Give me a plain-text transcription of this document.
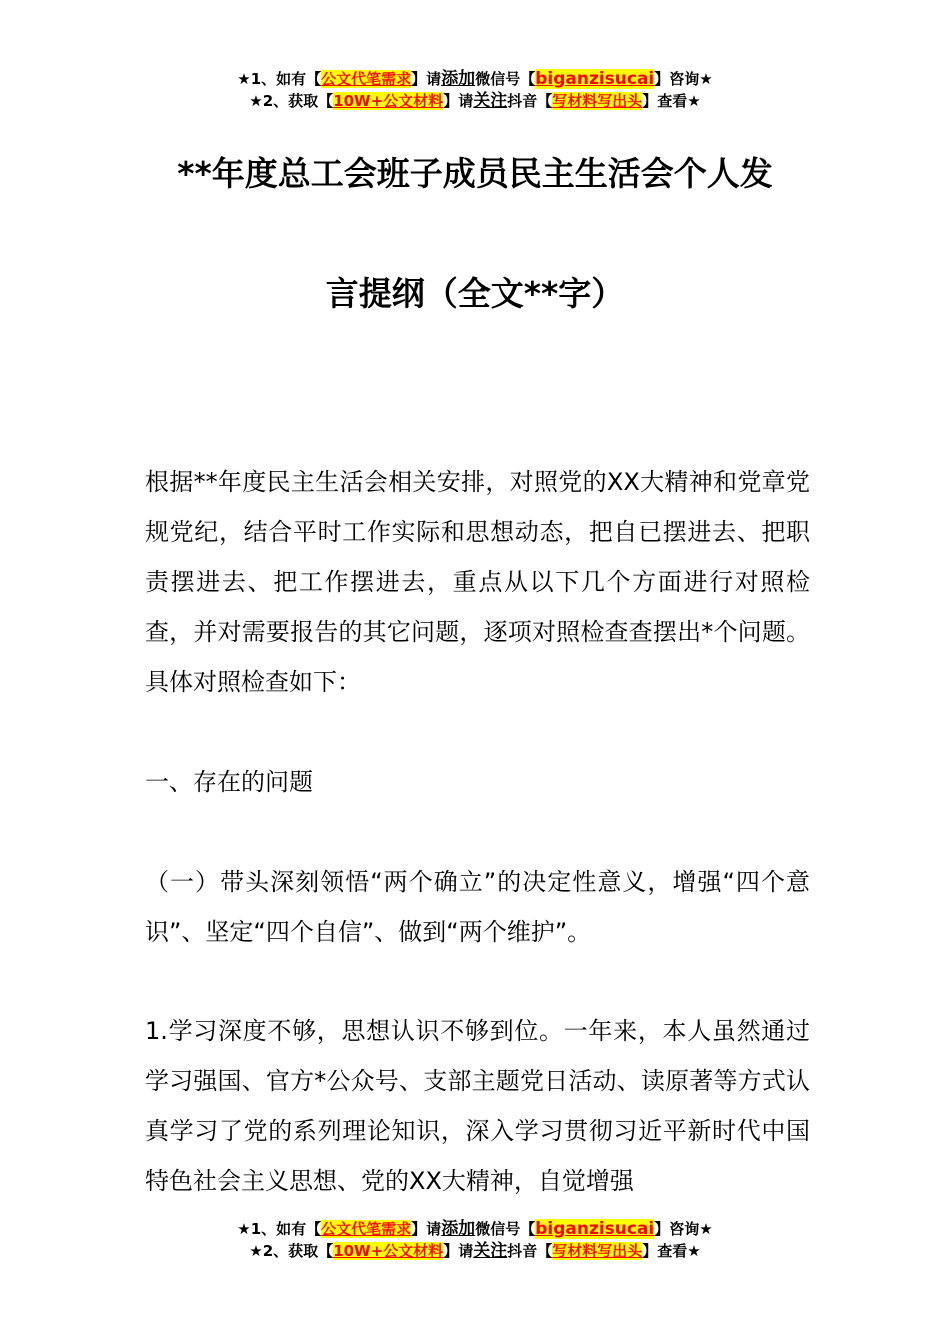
★1、如有【公文代笔需求】请添加微信号【biganzisucai】咨询★
★2、获取【10W+公文材料】请关注抖音【写材料写出头】查看★
**年度总工会班子成员民主生活会个人发
言提纲（全文**字）

根据**年度民主生活会相关安排，对照党的XX大精神和党章党规党纪，结合平时工作实际和思想动态，把自已摆进去、把职责摆进去、把工作摆进去，重点从以下几个方面进行对照检查，并对需要报告的其它问题，逐项对照检查查摆出*个问题。具体对照检查如下：

一、存在的问题

（一）带头深刻领悟“两个确立”的决定性意义，增强“四个意识”、坚定“四个自信”、做到“两个维护”。

1.学习深度不够，思想认识不够到位。一年来，本人虽然通过学习强国、官方*公众号、支部主题党日活动、读原著等方式认真学习了党的系列理论知识，深入学习贯彻习近平新时代中国特色社会主义思想、党的XX大精神，自觉增强

★1、如有【公文代笔需求】请添加微信号【biganzisucai】咨询★
★2、获取【10W+公文材料】请关注抖音【写材料写出头】查看★
